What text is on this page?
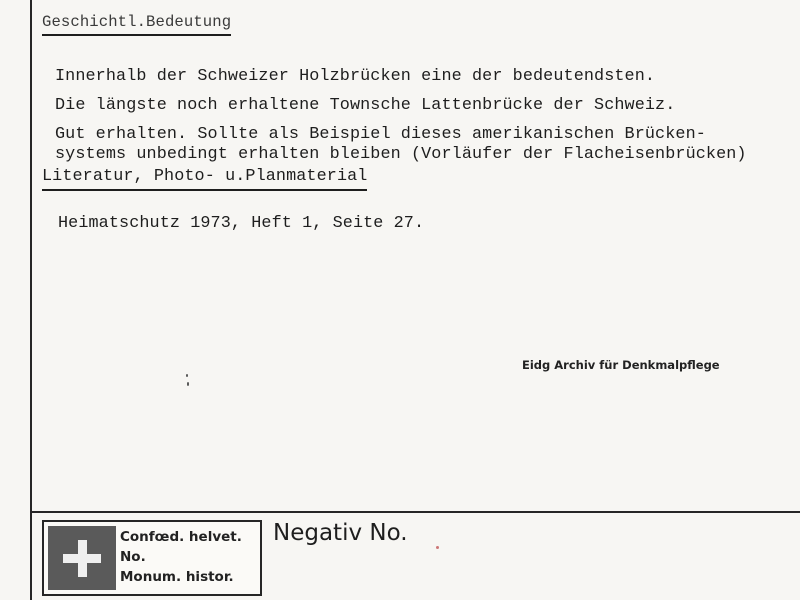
Geschichtl.Bedeutung
Innerhalb der Schweizer Holzbrücken eine der bedeutendsten.
Die längste noch erhaltene Townsche Lattenbrücke der Schweiz.
Gut erhalten. Sollte als Beispiel dieses amerikanischen Brücken-
systems unbedingt erhalten bleiben (Vorläufer der Flacheisenbrücken)
Literatur, Photo- u.Planmaterial
Heimatschutz 1973, Heft 1, Seite 27.
Eidg Archiv für Denkmalpflege
Confœd. helvet.
No.
Monum. histor.
Negativ No.
